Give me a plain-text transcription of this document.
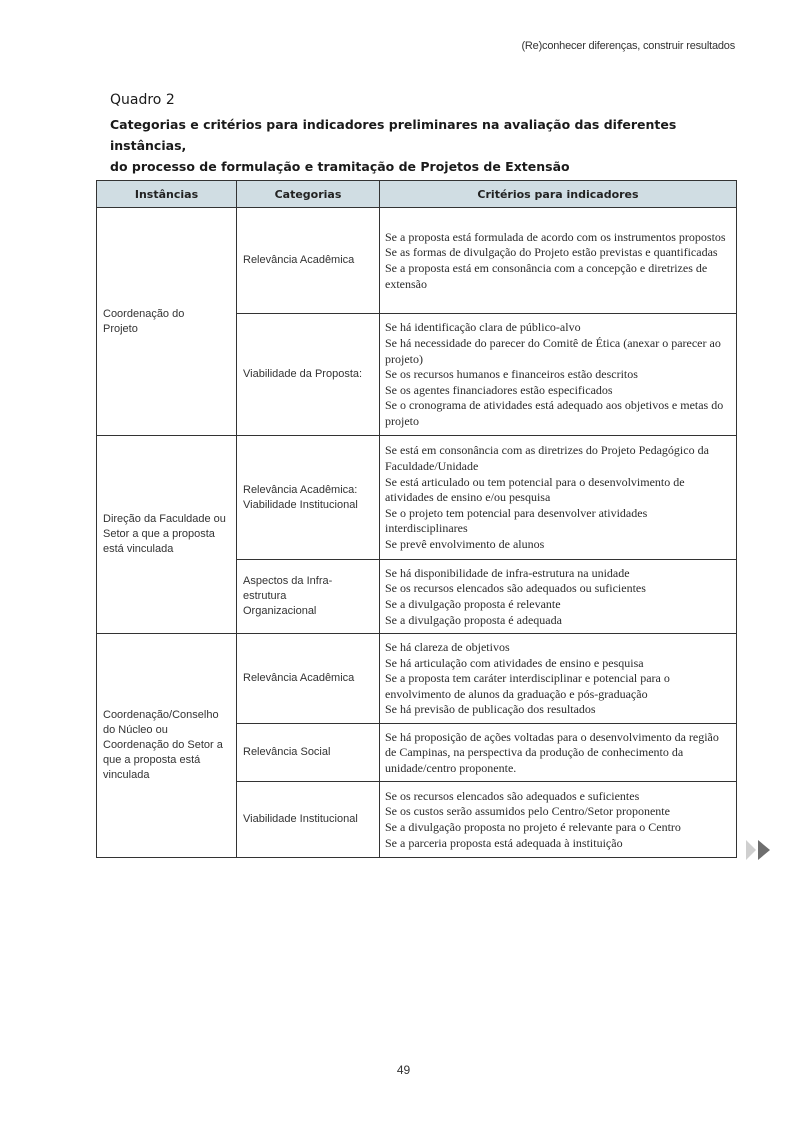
(Re)conhecer diferenças, construir resultados
Quadro 2
Categorias e critérios para indicadores preliminares na avaliação das diferentes instâncias,
do processo de formulação e tramitação de Projetos de Extensão
Instâncias	Categorias	Critérios para indicadores
Coordenação do Projeto	Relevância Acadêmica	Se a proposta está formulada de acordo com os instrumentos propostos
Se as formas de divulgação do Projeto estão previstas e quantificadas
Se a proposta está em consonância com a concepção e diretrizes de extensão

	Viabilidade da Proposta:	Se há identificação clara de público-alvo
Se há necessidade do parecer do Comitê de Ética (anexar o parecer ao projeto)
Se os recursos humanos e financeiros estão descritos
Se os agentes financiadores estão especificados
Se o cronograma de atividades está adequado aos objetivos e metas do projeto

Direção da Faculdade ou Setor a que a proposta está vinculada	Relevância Acadêmica: Viabilidade Institucional	Se está em consonância com as diretrizes do Projeto Pedagógico da Faculdade/Unidade
Se está articulado ou tem potencial para o desenvolvimento de atividades de ensino e/ou pesquisa
Se o projeto tem potencial para desenvolver atividades interdisciplinares
Se prevê envolvimento de alunos

	Aspectos da Infra-estrutura Organizacional	Se há disponibilidade de infra-estrutura na unidade
Se os recursos elencados são adequados ou suficientes
Se a divulgação proposta é relevante
Se a divulgação proposta é adequada

Coordenação/Conselho do Núcleo ou Coordenação do Setor a que a proposta está vinculada	Relevância Acadêmica	Se há clareza de objetivos
Se há articulação com atividades de ensino e pesquisa
Se a proposta tem caráter interdisciplinar e potencial para o envolvimento de alunos da graduação e pós-graduação
Se há previsão de publicação dos resultados

	Relevância Social	Se há proposição de ações voltadas para o desenvolvimento da região de Campinas, na perspectiva da produção de conhecimento da unidade/centro proponente.

	Viabilidade Institucional	Se os recursos elencados são adequados e suficientes
Se os custos serão assumidos pelo Centro/Setor proponente
Se a divulgação proposta no projeto é relevante para o Centro
Se a parceria proposta está adequada à instituição
49
